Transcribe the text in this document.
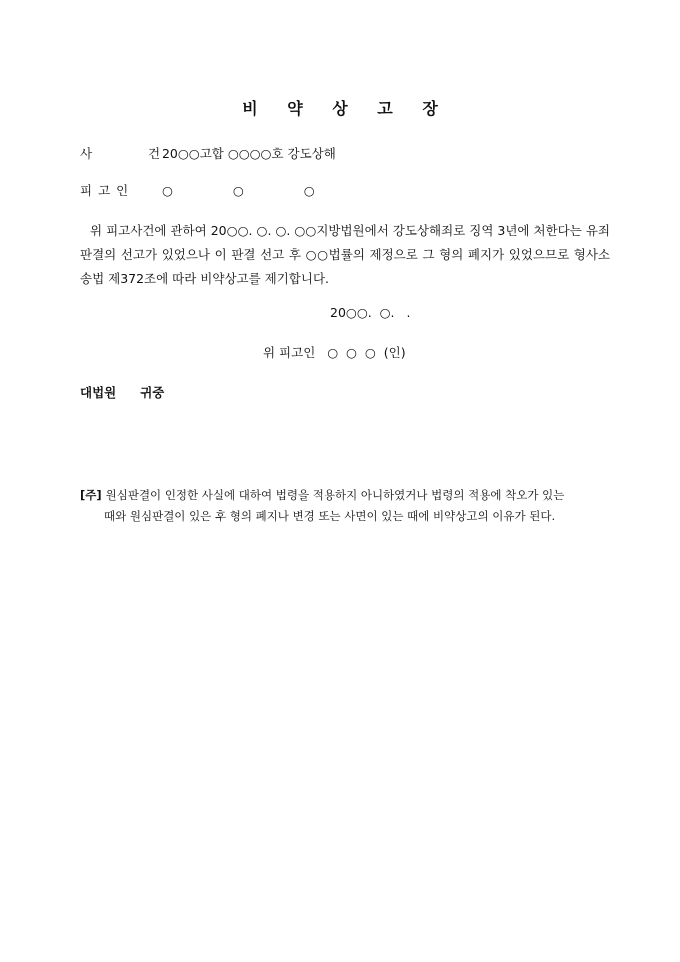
비 약 상 고 장
사 건 20○○고합 ○○○○호 강도상해
피고인 ○ ○ ○
위 피고사건에 관하여 20○○. ○. ○. ○○지방법원에서 강도상해죄로 징역 3년에 처한다는 유죄판결의 선고가 있었으나 이 판결 선고 후 ○○법률의 제정으로 그 형의 폐지가 있었으므로 형사소송법 제372조에 따라 비약상고를 제기합니다.
20○○.  ○.   .
위 피고인   ○  ○  ○  (인)
대법원 귀중
[주] 원심판결이 인정한 사실에 대하여 법령을 적용하지 아니하였거나 법령의 적용에 착오가 있는
때와 원심판결이 있은 후 형의 폐지나 변경 또는 사면이 있는 때에 비약상고의 이유가 된다.
